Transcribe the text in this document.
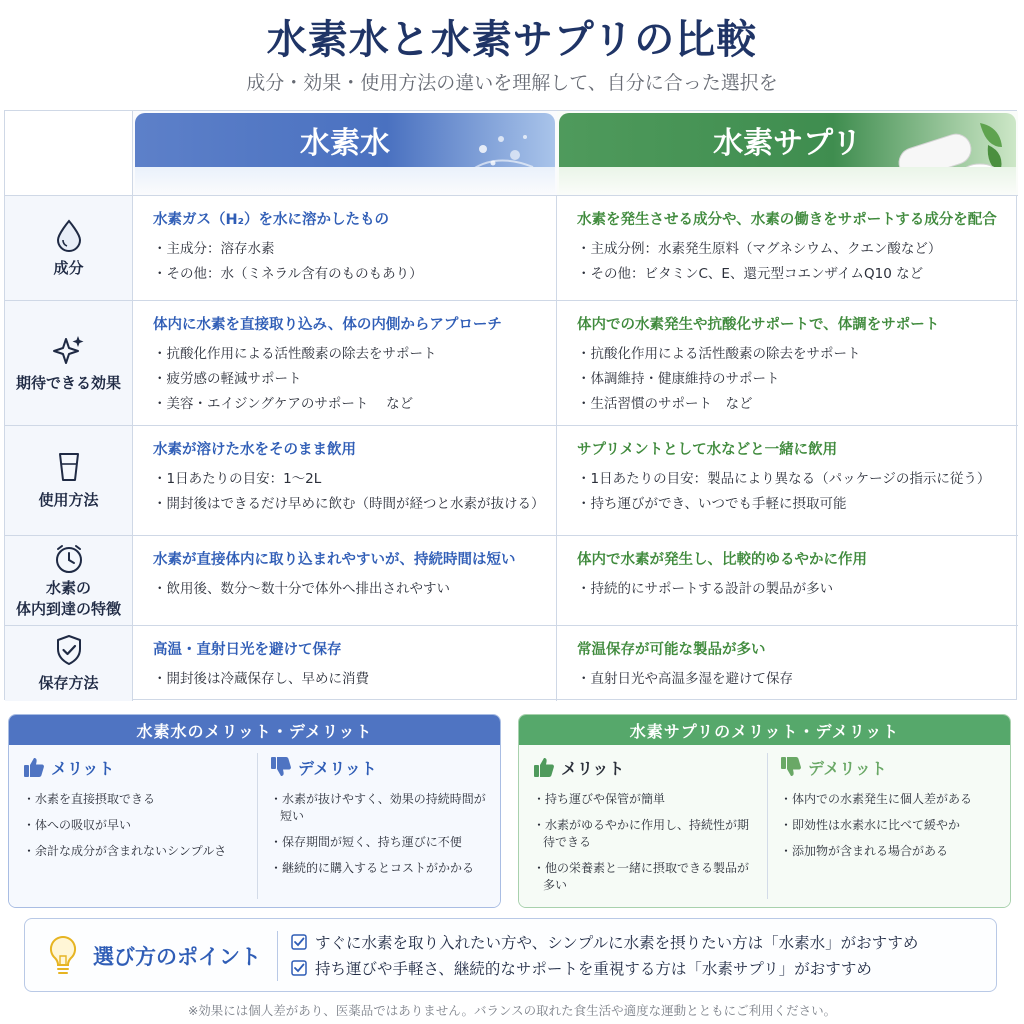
水素水と水素サプリの比較
成分・効果・使用方法の違いを理解して、自分に合った選択を
水素水	水素サプリ
成分
水素ガス（H₂）を水に溶かしたもの
・ 主成分：溶存水素
・ その他：水（ミネラル含有のものもあり）
水素を発生させる成分や、水素の働きをサポートする成分を配合
・ 主成分例：水素発生原料（マグネシウム、クエン酸など）
・ その他：ビタミンC、E、還元型コエンザイムQ10 など
期待できる効果
体内に水素を直接取り込み、体の内側からアプローチ
・ 抗酸化作用による活性酸素の除去をサポート
・ 疲労感の軽減サポート
・ 美容・エイジングケアのサポート　 など
体内での水素発生や抗酸化サポートで、体調をサポート
・ 抗酸化作用による活性酸素の除去をサポート
・ 体調維持・健康維持のサポート
・ 生活習慣のサポート　など
使用方法
水素が溶けた水をそのまま飲用
・ 1日あたりの目安：1〜2L
・ 開封後はできるだけ早めに飲む（時間が経つと水素が抜ける）
サプリメントとして水などと一緒に飲用
・ 1日あたりの目安：製品により異なる（パッケージの指示に従う）
・ 持ち運びができ、いつでも手軽に摂取可能
水素の
体内到達の特徴
水素が直接体内に取り込まれやすいが、持続時間は短い
・ 飲用後、数分〜数十分で体外へ排出されやすい
体内で水素が発生し、比較的ゆるやかに作用
・ 持続的にサポートする設計の製品が多い
保存方法
高温・直射日光を避けて保存
・ 開封後は冷蔵保存し、早めに消費
常温保存が可能な製品が多い
・ 直射日光や高温多湿を避けて保存
水素水のメリット・デメリット
メリット
・ 水素を直接摂取できる
・ 体への吸収が早い
・ 余計な成分が含まれないシンプルさ
デメリット
・ 水素が抜けやすく、効果の持続時間が短い
・ 保存期間が短く、持ち運びに不便
・ 継続的に購入するとコストがかかる
水素サプリのメリット・デメリット
メリット
・ 持ち運びや保管が簡単
・ 水素がゆるやかに作用し、持続性が期待できる
・ 他の栄養素と一緒に摂取できる製品が多い
デメリット
・ 体内での水素発生に個人差がある
・ 即効性は水素水に比べて緩やか
・ 添加物が含まれる場合がある
選び方のポイント
すぐに水素を取り入れたい方や、シンプルに水素を摂りたい方は「水素水」がおすすめ
持ち運びや手軽さ、継続的なサポートを重視する方は「水素サプリ」がおすすめ
※効果には個人差があり、医薬品ではありません。バランスの取れた食生活や適度な運動とともにご利用ください。
